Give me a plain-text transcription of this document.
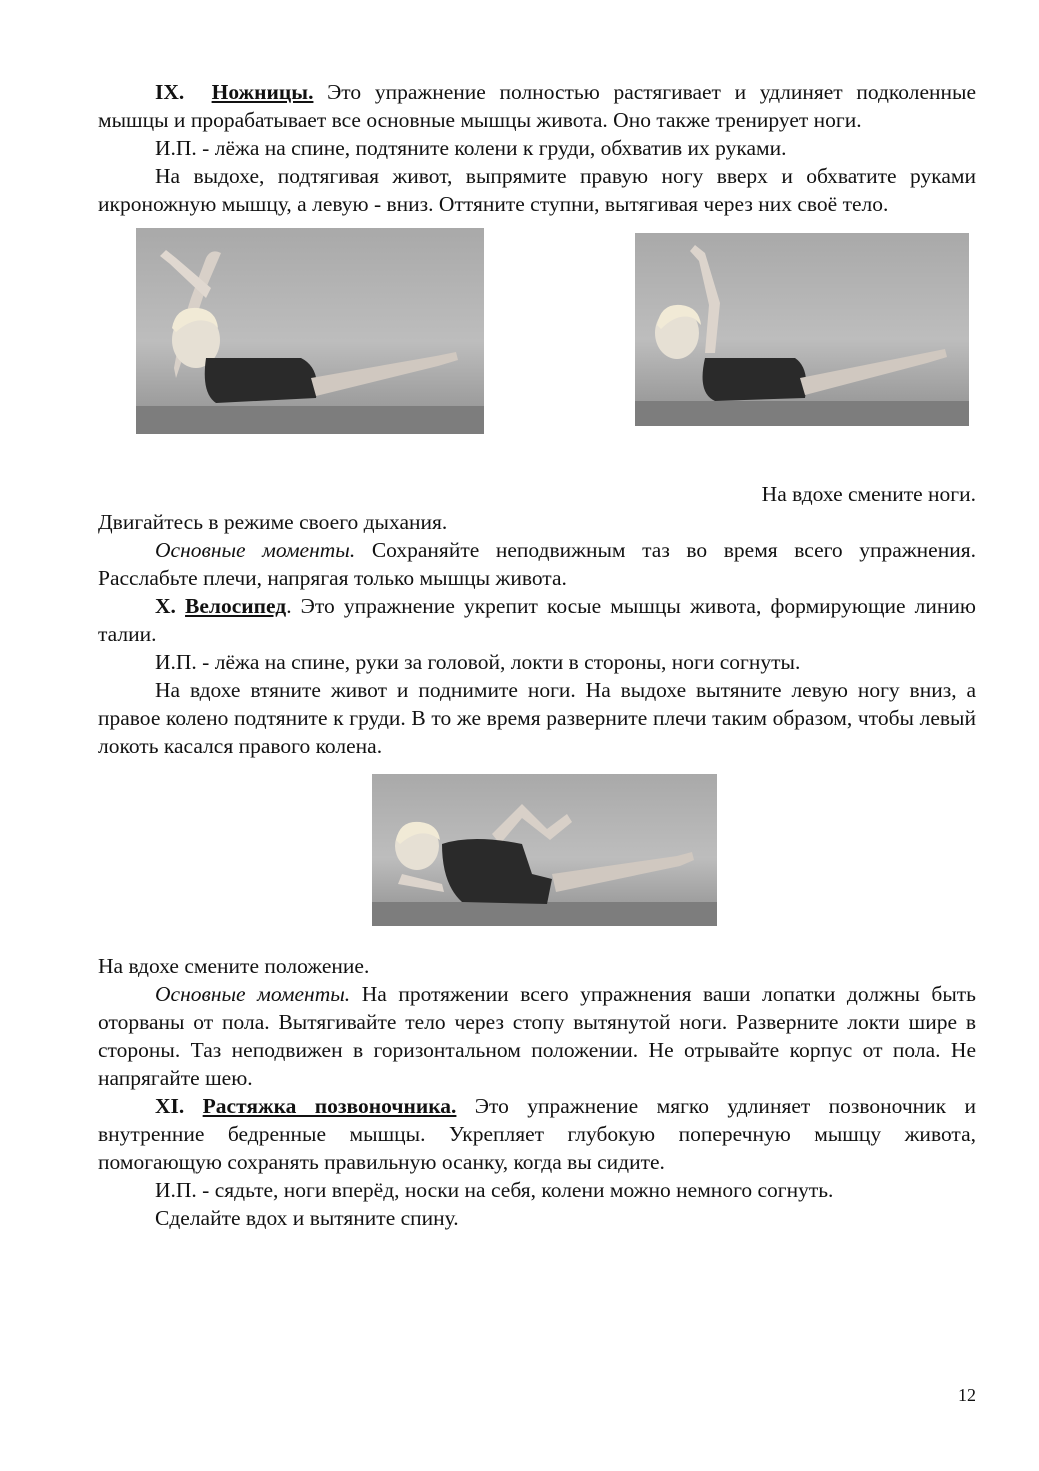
IX. Ножницы. Это упражнение полностью растягивает и удлиняет подколенные мышцы и прорабатывает все основные мышцы живота. Оно также тренирует ноги.

И.П. - лёжа на спине, подтяните колени к груди, обхватив их руками.

На выдохе, подтягивая живот, выпрямите правую ногу вверх и обхватите руками икроножную мышцу, а левую - вниз. Оттяните ступни, вытягивая через них своё тело.

На вдохе смените ноги.

Двигайтесь в режиме своего дыхания.

Основные моменты. Сохраняйте неподвижным таз во время всего упражнения. Расслабьте плечи, напрягая только мышцы живота.

X. Велосипед. Это упражнение укрепит косые мышцы живота, формирующие линию талии.

И.П. - лёжа на спине, руки за головой, локти в стороны, ноги согнуты.

На вдохе втяните живот и поднимите ноги. На выдохе вытяните левую ногу вниз, а правое колено подтяните к груди. В то же время разверните плечи таким образом, чтобы левый локоть касался правого колена.

На вдохе смените положение.

Основные моменты. На протяжении всего упражнения ваши лопатки должны быть оторваны от пола. Вытягивайте тело через стопу вытянутой ноги. Разверните локти шире в стороны. Таз неподвижен в горизонтальном положении. Не отрывайте корпус от пола. Не напрягайте шею.

XI. Растяжка позвоночника. Это упражнение мягко удлиняет позвоночник и внутренние бедренные мышцы. Укрепляет глубокую поперечную мышцу живота, помогающую сохранять правильную осанку, когда вы сидите.

И.П. - сядьте, ноги вперёд, носки на себя, колени можно немного согнуть.

Сделайте вдох и вытяните спину.

12
